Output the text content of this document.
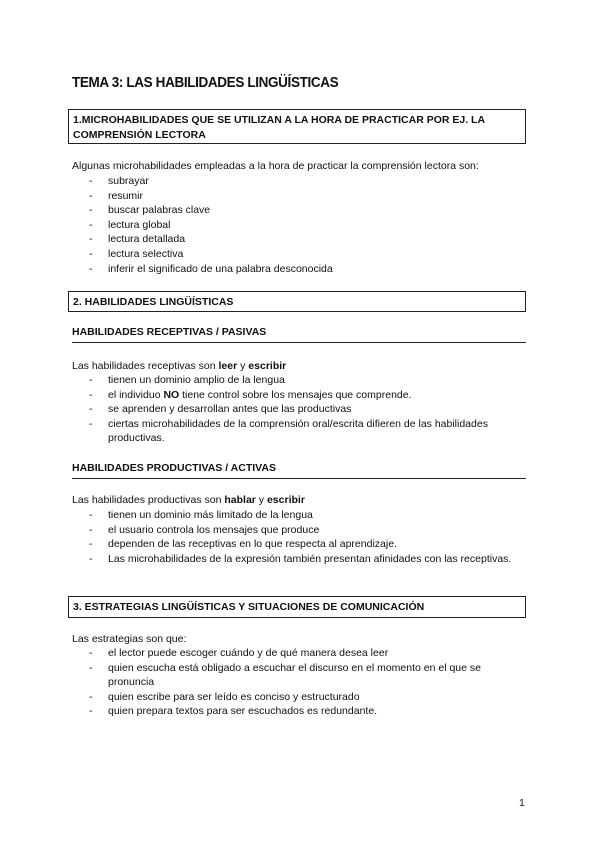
TEMA 3: LAS HABILIDADES LINGÜÍSTICAS
1.MICROHABILIDADES QUE SE UTILIZAN A LA HORA DE PRACTICAR POR EJ. LA COMPRENSIÓN LECTORA
Algunas microhabilidades empleadas a la hora de practicar la comprensión lectora son:
- subrayar
- resumir
- buscar palabras clave
- lectura global
- lectura detallada
- lectura selectiva
- inferir el significado de una palabra desconocida
2. HABILIDADES LINGÜÍSTICAS
HABILIDADES RECEPTIVAS / PASIVAS
Las habilidades receptivas son leer y escribir
- tienen un dominio amplio de la lengua
- el individuo NO tiene control sobre los mensajes que comprende.
- se aprenden y desarrollan antes que las productivas
- ciertas microhabilidades de la comprensión oral/escrita difieren de las habilidades productivas.
HABILIDADES PRODUCTIVAS / ACTIVAS
Las habilidades productivas son hablar y escribir
- tienen un dominio más limitado de la lengua
- el usuario controla los mensajes que produce
- dependen de las receptivas en lo que respecta al aprendizaje.
- Las microhabilidades de la expresión también presentan afinidades con las receptivas.
3. ESTRATEGIAS LINGÜÍSTICAS Y SITUACIONES DE COMUNICACIÓN
Las estrategias son que:
- el lector puede escoger cuándo y de qué manera desea leer
- quien escucha está obligado a escuchar el discurso en el momento en el que se pronuncia
- quien escribe para ser leído es conciso y estructurado
- quien prepara textos para ser escuchados es redundante.
1
